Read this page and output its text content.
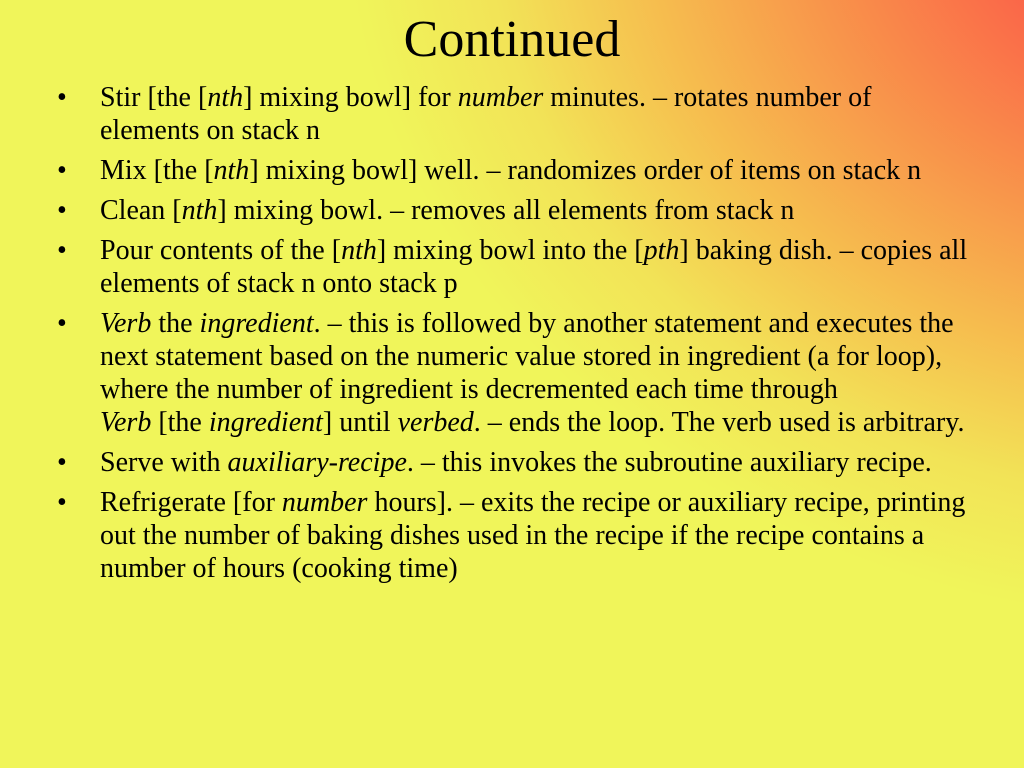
Continued
• Stir [the [nth] mixing bowl] for number minutes. – rotates number of elements on stack n
• Mix [the [nth] mixing bowl] well. – randomizes order of items on stack n
• Clean [nth] mixing bowl. – removes all elements from stack n
• Pour contents of the [nth] mixing bowl into the [pth] baking dish. – copies all elements of stack n onto stack p
• Verb the ingredient. – this is followed by another statement and executes the next statement based on the numeric value stored in ingredient (a for loop), where the number of ingredient is decremented each time through
Verb [the ingredient] until verbed. – ends the loop. The verb used is arbitrary.
• Serve with auxiliary-recipe. – this invokes the subroutine auxiliary recipe.
• Refrigerate [for number hours]. – exits the recipe or auxiliary recipe, printing out the number of baking dishes used in the recipe if the recipe contains a number of hours (cooking time)
